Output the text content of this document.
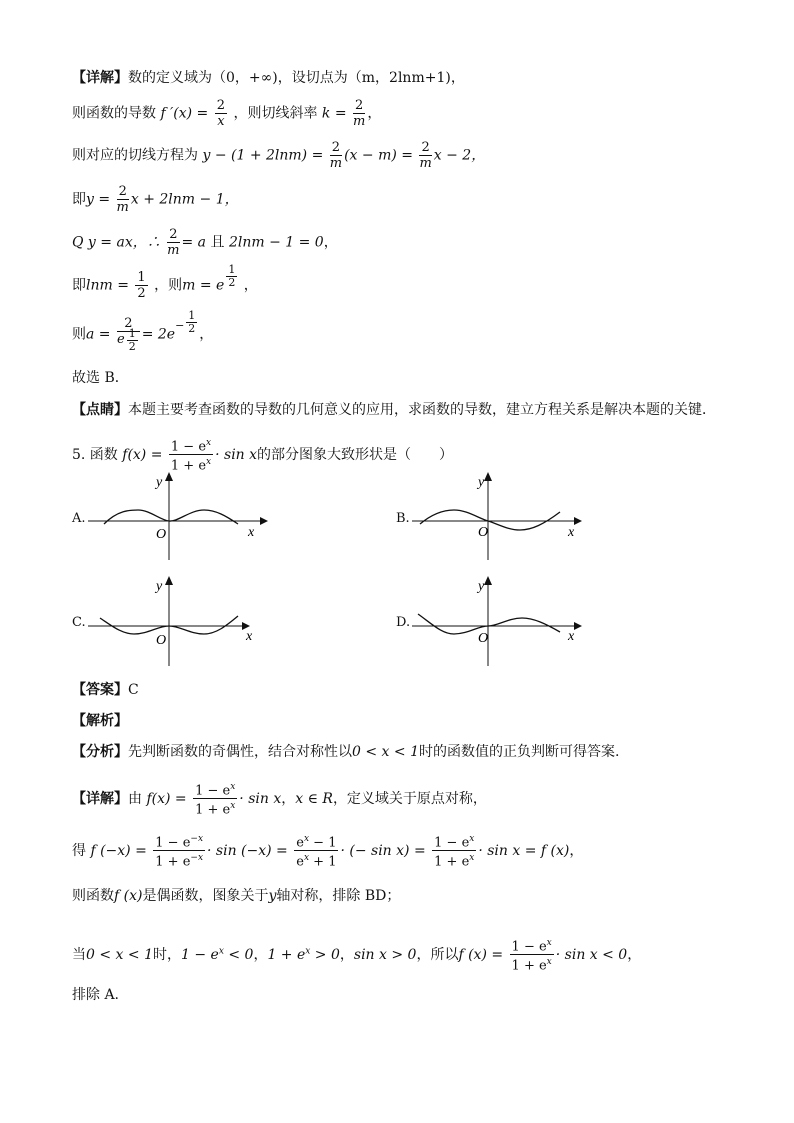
【详解】数的定义域为（0，+∞)，设切点为（m，2lnm+1)，
则函数的导数 f $'(x) = \frac{2}{x}$ ，则切线斜率 $k = \frac{2}{m}$ ，
则对应的切线方程为 $y - (1 + 2\ln m) = \frac{2}{m} (x - m) = \frac{2}{m}$ x − 2，
即$y = \frac{2}{m}$ x + 2lnm − 1，
Q y = ax，∴ $\frac{2}{m} = a$ 且 2lnm − 1 = 0，
即$\ln m = \frac{1}{2}$ ，则m = e $\frac{1}{2}$ ，
则$a = \frac{2}{e \frac{1}{2}} = 2e^- \frac{1}{2}$ ，
故选 B．
【点睛】本题主要考查函数的导数的几何意义的应用，求函数的导数，建立方程关系是解决本题的关键．
5. 函数 $f(x) = \frac{1 - e^x}{1 + e^x} \cdot \sin x$的部分图象大致形状是（　　）
A.
y
x
O
B.
y
x
O
C.
y
x
O
D.
y
x
O
【答案】C
【解析】
【分析】先判断函数的奇偶性，结合对称性以0 < x < 1时的函数值的正负判断可得答案.
【详解】由 $f(x) = \frac{1 - e^x}{1 + e^x} \cdot \sin x$，x ∈ R，定义域关于原点对称，
得 f $(-x) = \frac{1 - e^{-x}}{1 + e^{-x}} \cdot \sin (-x) = \frac{e^x - 1}{e^x + 1}$ · (− $\sin x) = \frac{1 - e^x}{1 + e^x} \cdot \sin x = f$ (x)，
则函数f (x)是偶函数，图象关于y轴对称，排除 BD；
当0 < x < 1时，$1 - e^x < 0$，$1 + e^x > 0$，sin x > 0，所以f $(x) = \frac{1 - e^x}{1 + e^x} \cdot \sin x < 0$，
排除 A.
